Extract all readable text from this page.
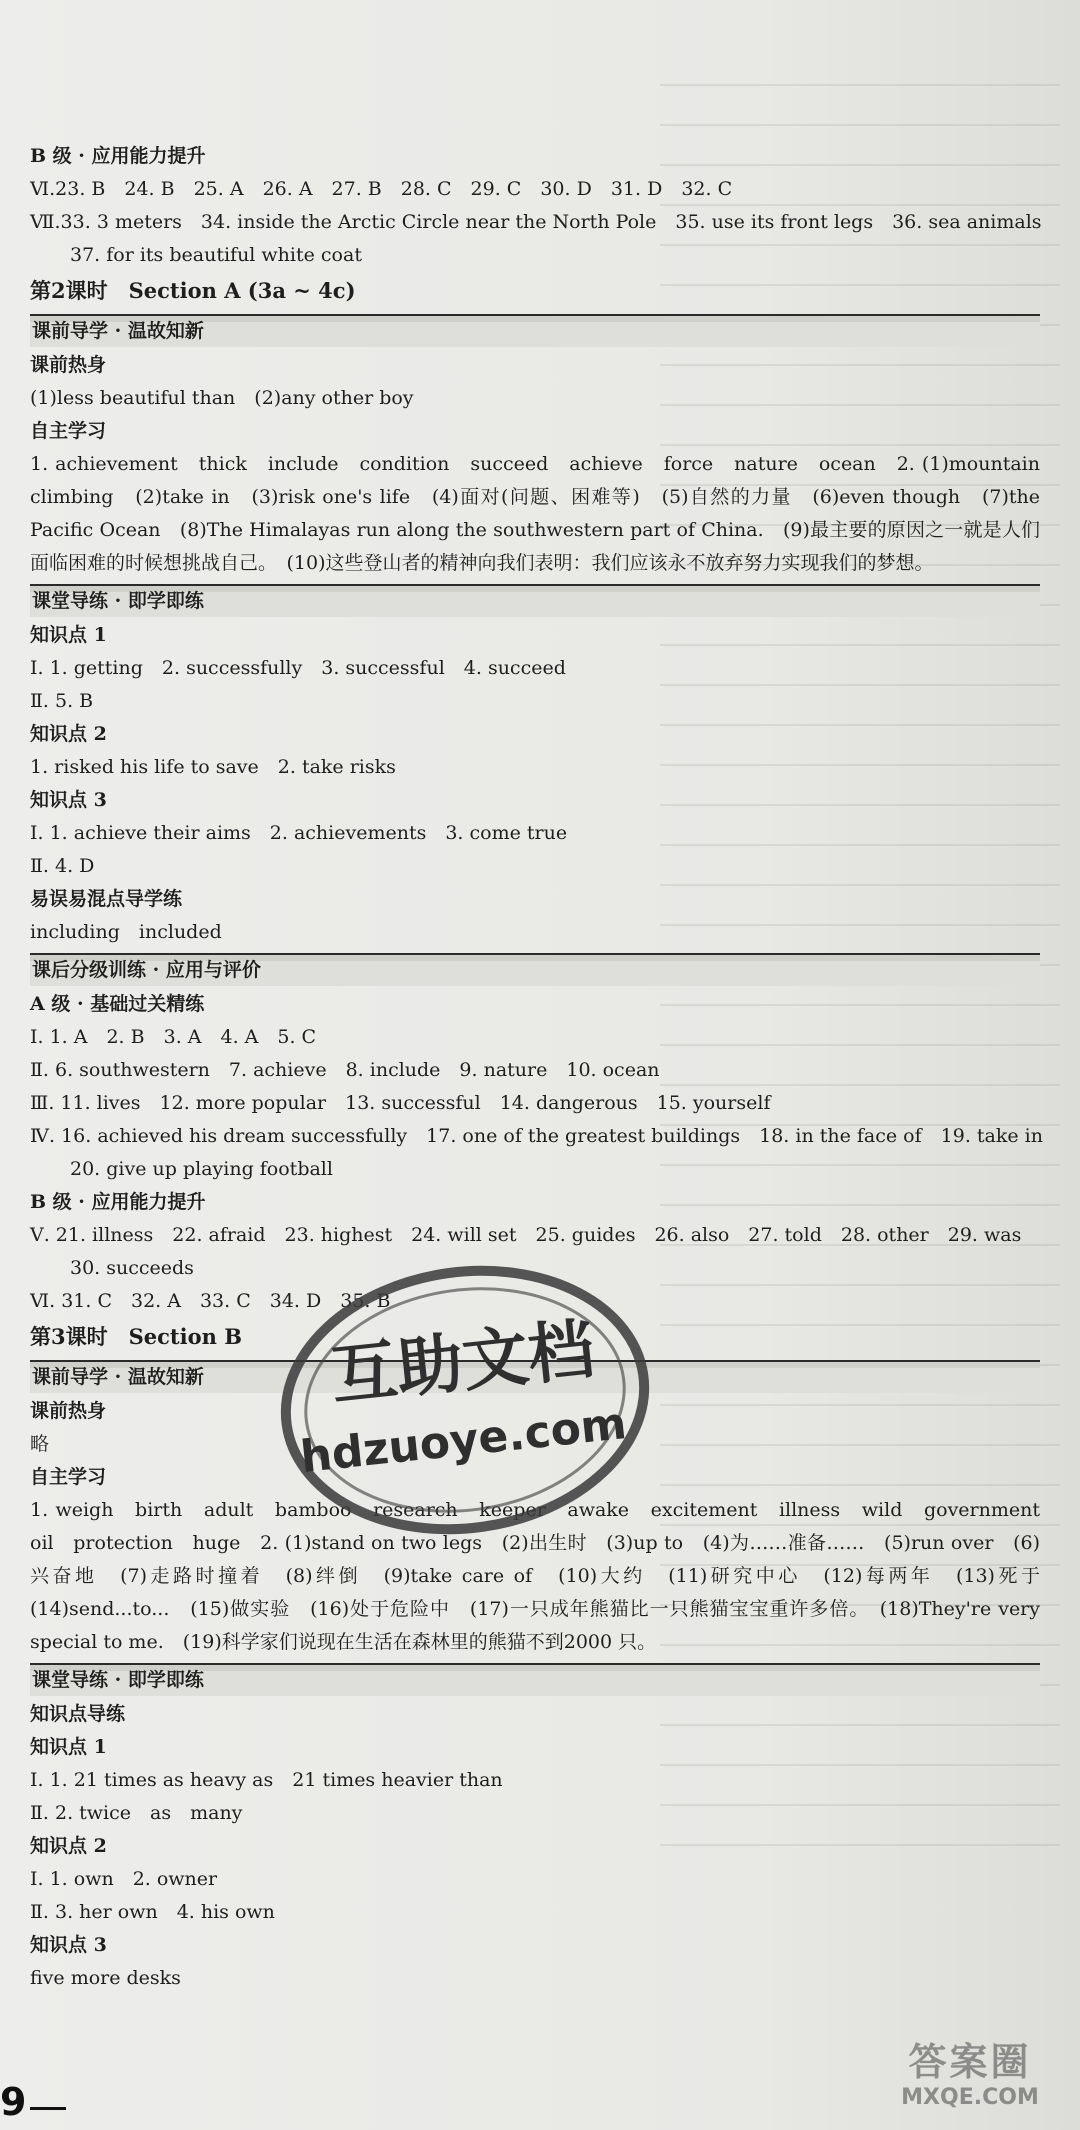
B 级 · 应用能力提升
Ⅵ.23. B　24. B　25. A　26. A　27. B　28. C　29. C　30. D　31. D　32. C
Ⅶ.33. 3 meters　34. inside the Arctic Circle near the North Pole　35. use its front legs　36. sea animals
37. for its beautiful white coat
第2课时　Section A (3a ~ 4c)
课前导学 · 温故知新
课前热身
(1)less beautiful than　(2)any other boy
自主学习
1. achievement　thick　include　condition　succeed　achieve　force　nature　ocean　2. (1)mountain climbing　(2)take in　(3)risk one's life　(4)面对(问题、困难等)　(5)自然的力量　(6)even though　(7)the Pacific Ocean　(8)The Himalayas run along the southwestern part of China.　(9)最主要的原因之一就是人们面临困难的时候想挑战自己。　(10)这些登山者的精神向我们表明：我们应该永不放弃努力实现我们的梦想。
课堂导练 · 即学即练
知识点 1
Ⅰ. 1. getting　2. successfully　3. successful　4. succeed
Ⅱ. 5. B
知识点 2
1. risked his life to save　2. take risks
知识点 3
Ⅰ. 1. achieve their aims　2. achievements　3. come true
Ⅱ. 4. D
易误易混点导学练
including　included
课后分级训练 · 应用与评价
A 级 · 基础过关精练
Ⅰ. 1. A　2. B　3. A　4. A　5. C
Ⅱ. 6. southwestern　7. achieve　8. include　9. nature　10. ocean
Ⅲ. 11. lives　12. more popular　13. successful　14. dangerous　15. yourself
Ⅳ. 16. achieved his dream successfully　17. one of the greatest buildings　18. in the face of　19. take in
20. give up playing football
B 级 · 应用能力提升
Ⅴ. 21. illness　22. afraid　23. highest　24. will set　25. guides　26. also　27. told　28. other　29. was
30. succeeds
Ⅵ. 31. C　32. A　33. C　34. D　35. B
第3课时　Section B
课前导学 · 温故知新
课前热身
略
自主学习
1. weigh　birth　adult　bamboo　research　keeper　awake　excitement　illness　wild　government　oil　protection　huge　2. (1)stand on two legs　(2)出生时　(3)up to　(4)为……准备……　(5)run over　(6)兴奋地　(7)走路时撞着　(8)绊倒　(9)take care of　(10)大约　(11)研究中心　(12)每两年　(13)死于　(14)send...to...　(15)做实验　(16)处于危险中　(17)一只成年熊猫比一只熊猫宝宝重许多倍。　(18)They're very special to me.　(19)科学家们说现在生活在森林里的熊猫不到2000 只。
课堂导练 · 即学即练
知识点导练
知识点 1
Ⅰ. 1. 21 times as heavy as　21 times heavier than
Ⅱ. 2. twice　as　many
知识点 2
Ⅰ. 1. own　2. owner
Ⅱ. 3. her own　4. his own
知识点 3
five more desks
互助文档
hdzuoye.com
9
答案圈
MXQE.COM
